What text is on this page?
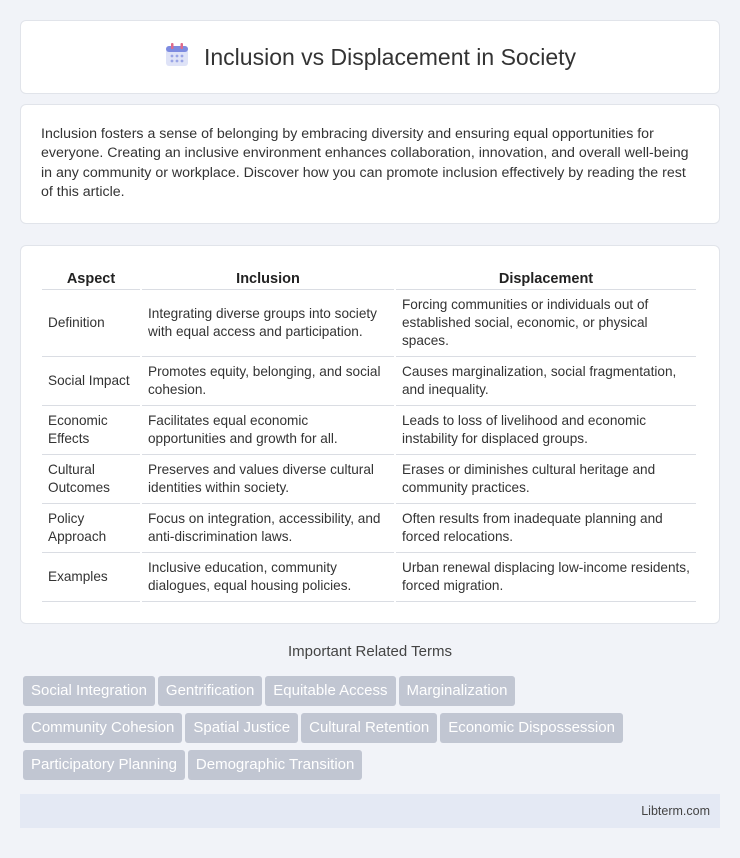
Inclusion vs Displacement in Society

Inclusion fosters a sense of belonging by embracing diversity and ensuring equal opportunities for everyone. Creating an inclusive environment enhances collaboration, innovation, and overall well-being in any community or workplace. Discover how you can promote inclusion effectively by reading the rest of this article.

Aspect	Inclusion	Displacement
Definition	Integrating diverse groups into society with equal access and participation.	Forcing communities or individuals out of established social, economic, or physical spaces.
Social Impact	Promotes equity, belonging, and social cohesion.	Causes marginalization, social fragmentation, and inequality.
Economic Effects	Facilitates equal economic opportunities and growth for all.	Leads to loss of livelihood and economic instability for displaced groups.
Cultural Outcomes	Preserves and values diverse cultural identities within society.	Erases or diminishes cultural heritage and community practices.
Policy Approach	Focus on integration, accessibility, and anti-discrimination laws.	Often results from inadequate planning and forced relocations.
Examples	Inclusive education, community dialogues, equal housing policies.	Urban renewal displacing low-income residents, forced migration.
Important Related Terms
Social Integration Gentrification Equitable Access Marginalization
Community Cohesion Spatial Justice Cultural Retention Economic Dispossession
Participatory Planning Demographic Transition
Libterm.com
